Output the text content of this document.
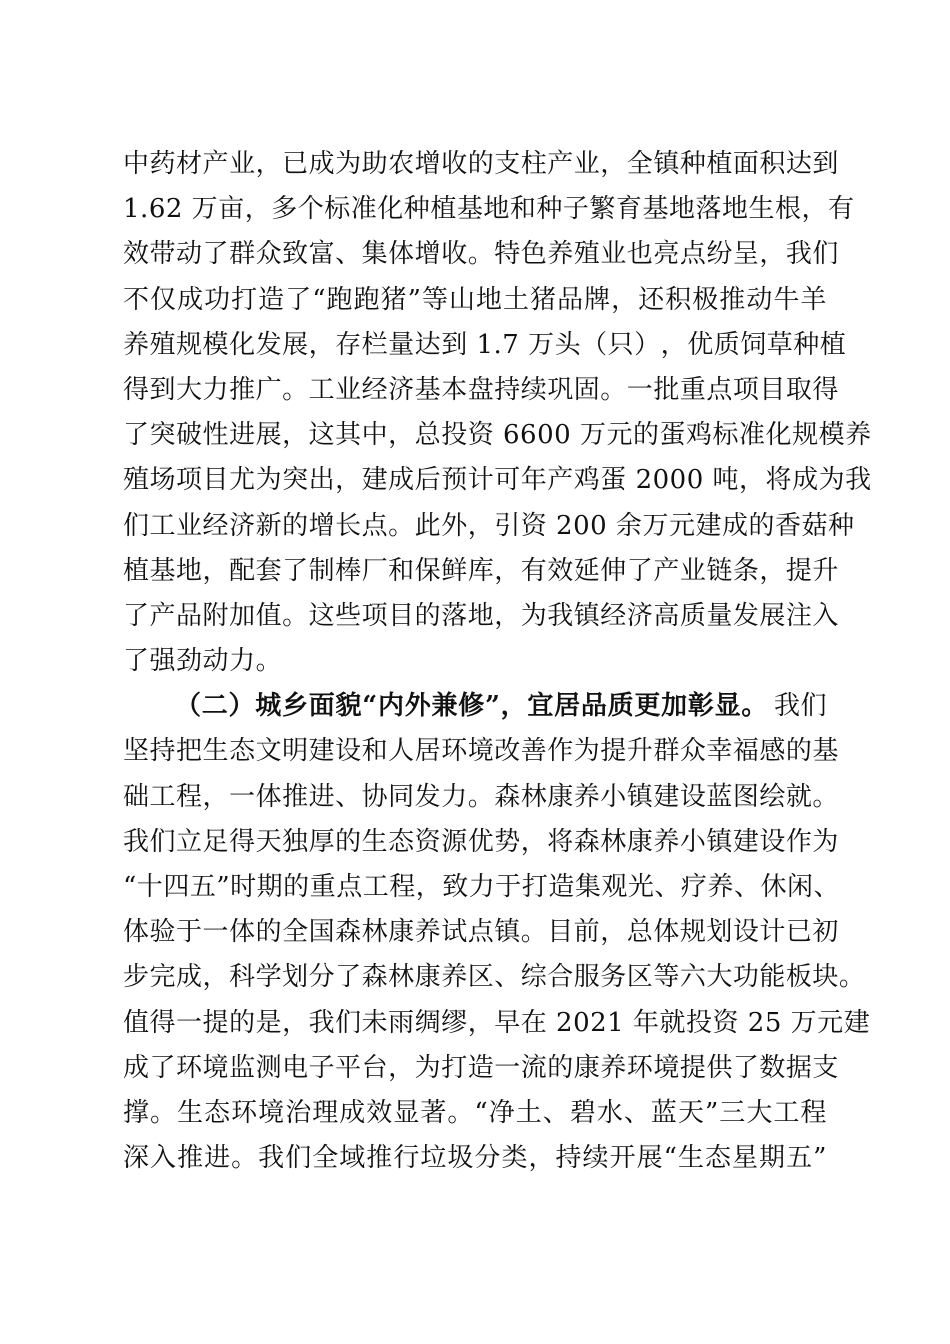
中 药 材 产 业 ， 已 成 为 助 农 增 收 的 支 柱 产 业 ， 全 镇 种 植 面 积 达 到
1 . 6 2
万 亩 ， 多 个 标 准 化 种 植 基 地 和 种 子 繁 育 基 地 落 地 生 根 ， 有
效 带 动 了 群 众 致 富 、 集 体 增 收 。 特 色 养 殖 业 也 亮 点 纷 呈 ， 我 们
不 仅 成 功 打 造 了 “ 跑 跑 猪 ” 等 山 地 土 猪 品 牌 ， 还 积 极 推 动 牛 羊
养 殖 规 模 化 发 展 ， 存 栏 量 达 到
1 . 7
万 头 （ 只 ） ， 优 质 饲 草 种 植
得 到 大 力 推 广 。 工 业 经 济 基 本 盘 持 续 巩 固 。 一 批 重 点 项 目 取 得
了 突 破 性 进 展 ， 这 其 中 ， 总 投 资
6 6 0 0
万 元 的 蛋 鸡 标 准 化 规 模 养
殖 场 项 目 尤 为 突 出 ， 建 成 后 预 计 可 年 产 鸡 蛋
2 0 0 0
吨 ， 将 成 为 我
们 工 业 经 济 新 的 增 长 点 。 此 外 ， 引 资
2 0 0
余 万 元 建 成 的 香 菇 种
植 基 地 ， 配 套 了 制 棒 厂 和 保 鲜 库 ， 有 效 延 伸 了 产 业 链 条 ， 提 升
了 产 品 附 加 值 。 这 些 项 目 的 落 地 ， 为 我 镇 经 济 高 质 量 发 展 注 入
了 强 劲 动 力 。
（ 二 ） 城 乡 面 貌 “ 内 外 兼 修 ” ， 宜 居 品 质 更 加 彰 显 。 我 们
坚 持 把 生 态 文 明 建 设 和 人 居 环 境 改 善 作 为 提 升 群 众 幸 福 感 的 基
础 工 程 ， 一 体 推 进 、 协 同 发 力 。 森 林 康 养 小 镇 建 设 蓝 图 绘 就 。
我 们 立 足 得 天 独 厚 的 生 态 资 源 优 势 ， 将 森 林 康 养 小 镇 建 设 作 为
“ 十 四 五 ” 时 期 的 重 点 工 程 ， 致 力 于 打 造 集 观 光 、 疗 养 、 休 闲 、
体 验 于 一 体 的 全 国 森 林 康 养 试 点 镇 。 目 前 ， 总 体 规 划 设 计 已 初
步 完 成 ， 科 学 划 分 了 森 林 康 养 区 、 综 合 服 务 区 等 六 大 功 能 板 块 。
值 得 一 提 的 是 ， 我 们 未 雨 绸 缪 ， 早 在
2 0 2 1
年 就 投 资
2 5
万 元 建
成 了 环 境 监 测 电 子 平 台 ， 为 打 造 一 流 的 康 养 环 境 提 供 了 数 据 支
撑 。 生 态 环 境 治 理 成 效 显 著 。 “ 净 土 、 碧 水 、 蓝 天 ” 三 大 工 程
深 入 推 进 。 我 们 全 域 推 行 垃 圾 分 类 ， 持 续 开 展 “ 生 态 星 期 五 ”
